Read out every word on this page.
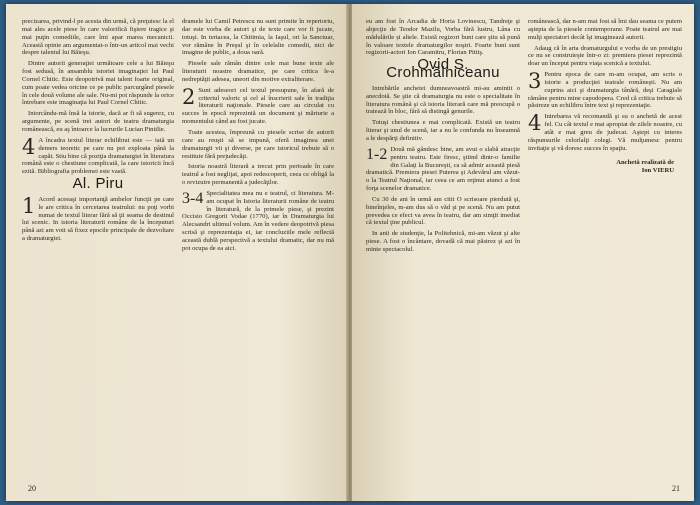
precizarea, privind-l pe acesta din urmă, că preţuiesc la el mai ales acele piese în care valorifică fişiere tragice şi mai puţin comediile, care îmi apar marea mecanicii. Această opinie am argumentat-o într-un articol mai vechi despre talentul lui Băieşu.

Dintre autorii generaţiei următoare cele a lui Băieşu fost sedusă, în ansamblu istoriei imaginaţiei lui Paul Cornel Chitic. Este deopotrivă mai talent foarte original, cum poate vedea oricine ce pe public parcurgând piesele în cele două volume ale sale. Nu-mi pot răspunde la orice întrebare este imaginaţia lui Paul Cornel Chitic.

Intorcându-mă însă la istorie, dacă ar fi să sugerez, cu argumente, pe scenă trei autori de teatru dramaturgia românească, eu aş întoarce la lucrurile Lucian Pintilie.

4 A încadra textul literar echilibrat este — iată un demers teoretic pe care nu pot exploata până la capăt. Stiu bine că poziţia dramaturgiei în literatura română este o chestiune complicată, la care istoricii încă ezită. Bibliografia problemei este vastă.

Al. Piru

1 Acord aceeaşi importanţă ambelor funcţii pe care le are critica în cercetarea teatrului: nu poţi vorbi numai de textul literar fără să ţii seama de destinul lui scenic. In istoria literaturii române de la începuturi până azi am voit să fixez epocile principale de dezvoltare a dramaturgiei.

dramele lui Camil Petrescu nu sunt primite în repertoriu, dar este vorba de autori şi de texte care vor fi jucate, totuşi. In tertacea, la Chitimia, la Iaşul, ori la Sanctuar, vor rămâne în Preşul şi în celelalte comedii, nici de imagine de public, a doua oară.

Piesele sale rămân dintre cele mai bune texte ale literaturii noastre dramatice, pe care critica le-a nedreptăţit adesea, uneori din motive extraliterare.

2 Sunt adeseori cel textul presupune, în afară de criteriul valoric şi cel al înscrierii sale în tradiţia literaturii naţionale. Piesele care au circulat cu succes în epocă reprezintă un document şi mărturie a momentului când au fost jucate.

Toate acestea, împreună cu piesele scrise de autorii care au reuşit să se impună, oferă imaginea unei dramaturgii vii şi diverse, pe care istoricul trebuie să o restituie fără prejudecăţi.

Istoria noastră literară a trecut prin perioade în care teatrul a fost neglijat, apoi redescoperit, ceea ce obligă la o revizuire permanentă a judecăţilor.

3-4 Specialitatea mea nu e teatrul, ci literatura. M-am ocupat în Istoria literaturii române de teatru în literatură, de la primele piese, şi prezint Occisio Gregorii Vodae (1770), iar în Dramaturgia lui Alecsandri ultimul volum. Am în vedere deopotrivă piesa scrisă şi reprezentaţia ei, iar concluziile mele reflectă această dublă perspectivă a textului dramatic, dar nu mă pot ocupa de ea aici.

20

eu am fost în Arcadia de Horia Lovinescu, Tandreţe şi abjecţie de Teodor Mazilu, Vorba fără lustru, Lâna cu mădulările și altele. Există regizori buni care ştiu să pună în valoare textele dramaturgilor noştri. Foarte buni sunt regizorii-actori Ion Caramitru, Florian Pittiş.

Ovid S. Crohmălniceanu

Intrebările anchetei dumneavoastră mi-au amintit o anecdotă. Se ştie că dramaturgia nu este o specialitate în literatura română şi că istoria literară care mă preocupă o tratează în bloc, fără să distingă genurile.

Totuşi chestiunea e mai complicată. Există un teatru literar şi unul de scenă, iar a nu le confunda nu înseamnă a le despărţi definitiv.

1-2 Două mă gândesc bine, am avut o slabă atracţie pentru teatru. Este firesc, ştiind dintr-o familie din Galaţi la Bucureşti, ca să admir această piesă dramatică. Premiera piesei Puterea şi Adevărul am văzut-o la Teatrul Naţional, iar ceea ce am reţinut atunci a fost forţa scenelor dramatice.

Cu 30 de ani în urmă am citit O scrisoare pierdută şi, bineînţeles, m-am dus să o văd şi pe scenă. Nu am putut prevedea ce efect va avea în teatru, dar am simţit imediat că textul ţine publicul.

In anii de studenţie, la Politehnică, mi-am văzut şi alte piese. A fost o încântare, dovadă că mai păstrez şi azi în minte spectacolul.

românească, dar n-am mai fost să îmi dau seama ce putem aştepta de la piesele contemporane. Poate teatrul are mai mulţi spectatori decât îşi imaginează autorii.

Adaug că în arta dramaturgului e vorba de un prestigiu ce nu se construieşte într-o zi: premiera piesei reprezintă doar un început pentru viaţa scenică a textului.

3 Pentru epoca de care m-am ocupat, am scris o istorie a producţiei teatrale româneşti. Nu am cuprins aici şi dramaturgia tânără, deşi Caragiale rămâne pentru mine capodopera. Cred că critica trebuie să păstreze un echilibru între text şi reprezentaţie.

4 Intrebarea vă recomandă şi ea o anchetă de acest fel. Cu cât textul e mai apropiat de zilele noastre, cu atât e mai greu de judecat. Aştept cu interes răspunsurile celorlalţi colegi. Vă mulţumesc pentru invitaţie şi vă doresc succes în spaţiu.

Anchetă realizată de
Ion VIERU
21
